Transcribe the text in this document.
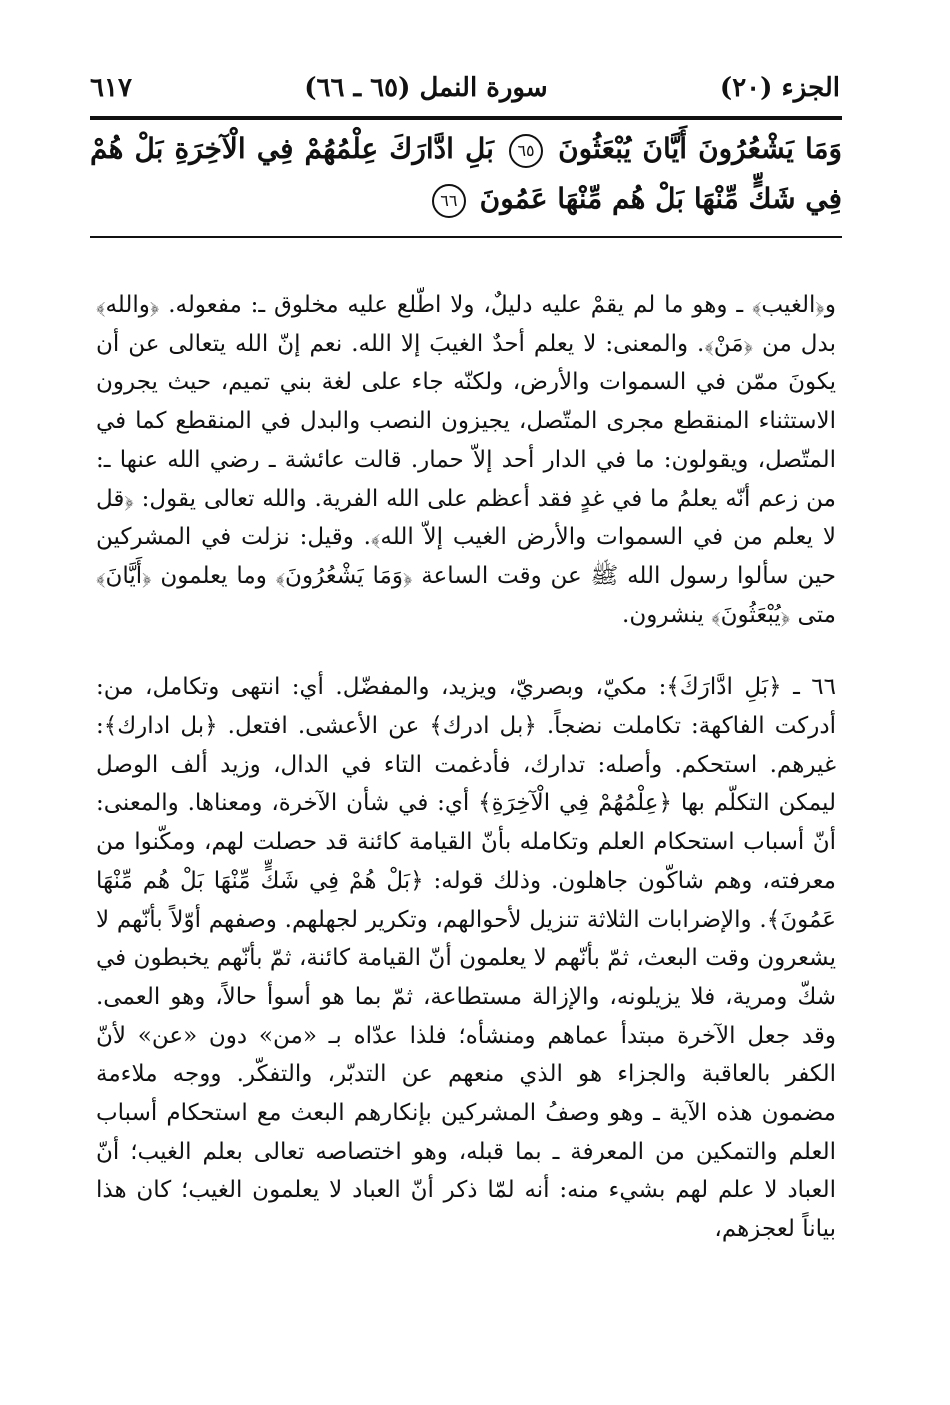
الجزء (٢٠)
سورة النمل (٦٥ ـ ٦٦)
٦١٧
وَمَا يَشْعُرُونَ أَيَّانَ يُبْعَثُونَ ٦٥ بَلِ ادَّارَكَ عِلْمُهُمْ فِي الْآخِرَةِ بَلْ هُمْ فِي شَكٍّ مِّنْهَا بَلْ هُم مِّنْهَا عَمُونَ ٦٦

و﴿الغيب﴾ ـ وهو ما لم يقمْ عليه دليلٌ، ولا اطّلع عليه مخلوق ـ: مفعوله. ﴿والله﴾ بدل من ﴿مَنْ﴾. والمعنى: لا يعلم أحدٌ الغيبَ إلا الله. نعم إنّ الله يتعالى عن أن يكونَ ممّن في السموات والأرض، ولكنّه جاء على لغة بني تميم، حيث يجرون الاستثناء المنقطع مجرى المتّصل، يجيزون النصب والبدل في المنقطع كما في المتّصل، ويقولون: ما في الدار أحد إلاّ حمار. قالت عائشة ـ رضي الله عنها ـ: من زعم أنّه يعلمُ ما في غدٍ فقد أعظم على الله الفرية. والله تعالى يقول: ﴿قل لا يعلم من في السموات والأرض الغيب إلاّ الله﴾. وقيل: نزلت في المشركين حين سألوا رسول الله ﷺ عن وقت الساعة ﴿وَمَا يَشْعُرُونَ﴾ وما يعلمون ﴿أَيَّانَ﴾ متى ﴿يُبْعَثُونَ﴾ ينشرون.

٦٦ ـ ﴿بَلِ ادَّارَكَ﴾: مكيّ، وبصريّ، ويزيد، والمفضّل. أي: انتهى وتكامل، من: أدركت الفاكهة: تكاملت نضجاً. ﴿بل ادرك﴾ عن الأعشى. افتعل. ﴿بل ادارك﴾: غيرهم. استحكم. وأصله: تدارك، فأدغمت التاء في الدال، وزيد ألف الوصل ليمكن التكلّم بها ﴿عِلْمُهُمْ فِي الْآخِرَةِ﴾ أي: في شأن الآخرة، ومعناها. والمعنى: أنّ أسباب استحكام العلم وتكامله بأنّ القيامة كائنة قد حصلت لهم، ومكّنوا من معرفته، وهم شاكّون جاهلون. وذلك قوله: ﴿بَلْ هُمْ فِي شَكٍّ مِّنْهَا بَلْ هُم مِّنْهَا عَمُونَ﴾. والإضرابات الثلاثة تنزيل لأحوالهم، وتكرير لجهلهم. وصفهم أوّلاً بأنّهم لا يشعرون وقت البعث، ثمّ بأنّهم لا يعلمون أنّ القيامة كائنة، ثمّ بأنّهم يخبطون في شكّ ومرية، فلا يزيلونه، والإزالة مستطاعة، ثمّ بما هو أسوأ حالاً، وهو العمى. وقد جعل الآخرة مبتدأ عماهم ومنشأه؛ فلذا عدّاه بـ «من» دون «عن» لأنّ الكفر بالعاقبة والجزاء هو الذي منعهم عن التدبّر، والتفكّر. ووجه ملاءمة مضمون هذه الآية ـ وهو وصفُ المشركين بإنكارهم البعث مع استحكام أسباب العلم والتمكين من المعرفة ـ بما قبله، وهو اختصاصه تعالى بعلم الغيب؛ أنّ العباد لا علم لهم بشيء منه: أنه لمّا ذكر أنّ العباد لا يعلمون الغيب؛ كان هذا بياناً لعجزهم،
